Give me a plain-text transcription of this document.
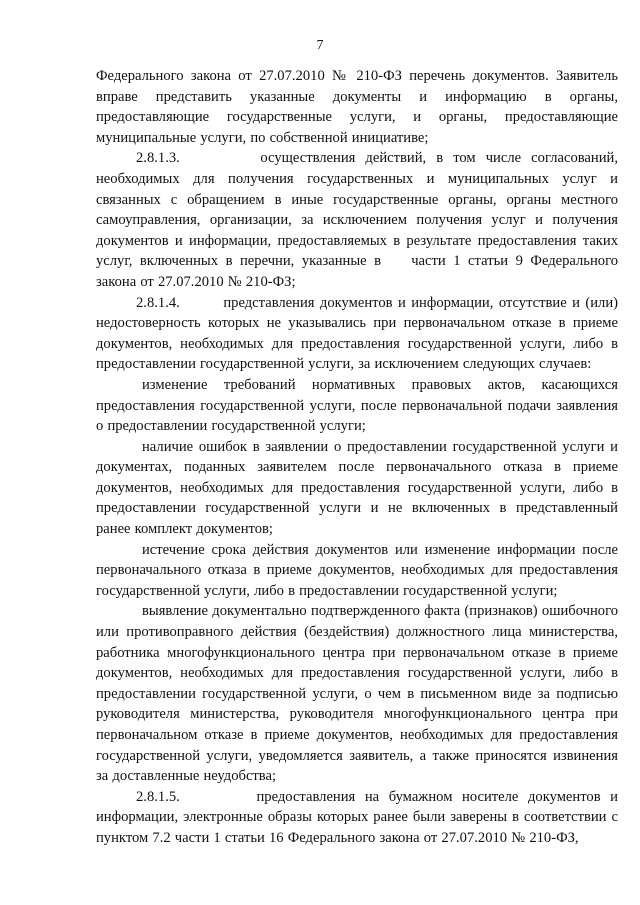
7

Федерального закона от 27.07.2010 № 210-ФЗ перечень документов. Заявитель вправе представить указанные документы и информацию в органы, предоставляющие государственные услуги, и органы, предоставляющие муниципальные услуги, по собственной инициативе;

2.8.1.3.        осуществления действий, в том числе согласований, необходимых для получения государственных и муниципальных услуг и связанных с обращением в иные государственные органы, органы местного самоуправления, организации, за исключением получения услуг и получения документов и информации, предоставляемых в результате предоставления таких услуг, включенных в перечни, указанные в    части 1 статьи 9 Федерального закона от 27.07.2010 № 210-ФЗ;

2.8.1.4.        представления документов и информации, отсутствие и (или) недостоверность которых не указывались при первоначальном отказе в приеме документов, необходимых для предоставления государственной услуги, либо в предоставлении государственной услуги, за исключением следующих случаев:

изменение требований нормативных правовых актов, касающихся предоставления государственной услуги, после первоначальной подачи заявления о предоставлении государственной услуги;

наличие ошибок в заявлении о предоставлении государственной услуги и документах, поданных заявителем после первоначального отказа в приеме документов, необходимых для предоставления государственной услуги, либо в предоставлении государственной услуги и не включенных в представленный ранее комплект документов;

истечение срока действия документов или изменение информации после первоначального отказа в приеме документов, необходимых для предоставления государственной услуги, либо в предоставлении государственной услуги;

выявление документально подтвержденного факта (признаков) ошибочного или противоправного действия (бездействия) должностного лица министерства, работника многофункционального центра при первоначальном отказе в приеме документов, необходимых для предоставления государственной услуги, либо в предоставлении государственной услуги, о чем в письменном виде за подписью руководителя министерства, руководителя многофункционального центра при первоначальном отказе в приеме документов, необходимых для предоставления государственной услуги, уведомляется заявитель, а также приносятся извинения за доставленные неудобства;

2.8.1.5.        предоставления на бумажном носителе документов и информации, электронные образы которых ранее были заверены в соответствии с пунктом 7.2 части 1 статьи 16 Федерального закона от 27.07.2010 № 210-ФЗ,
